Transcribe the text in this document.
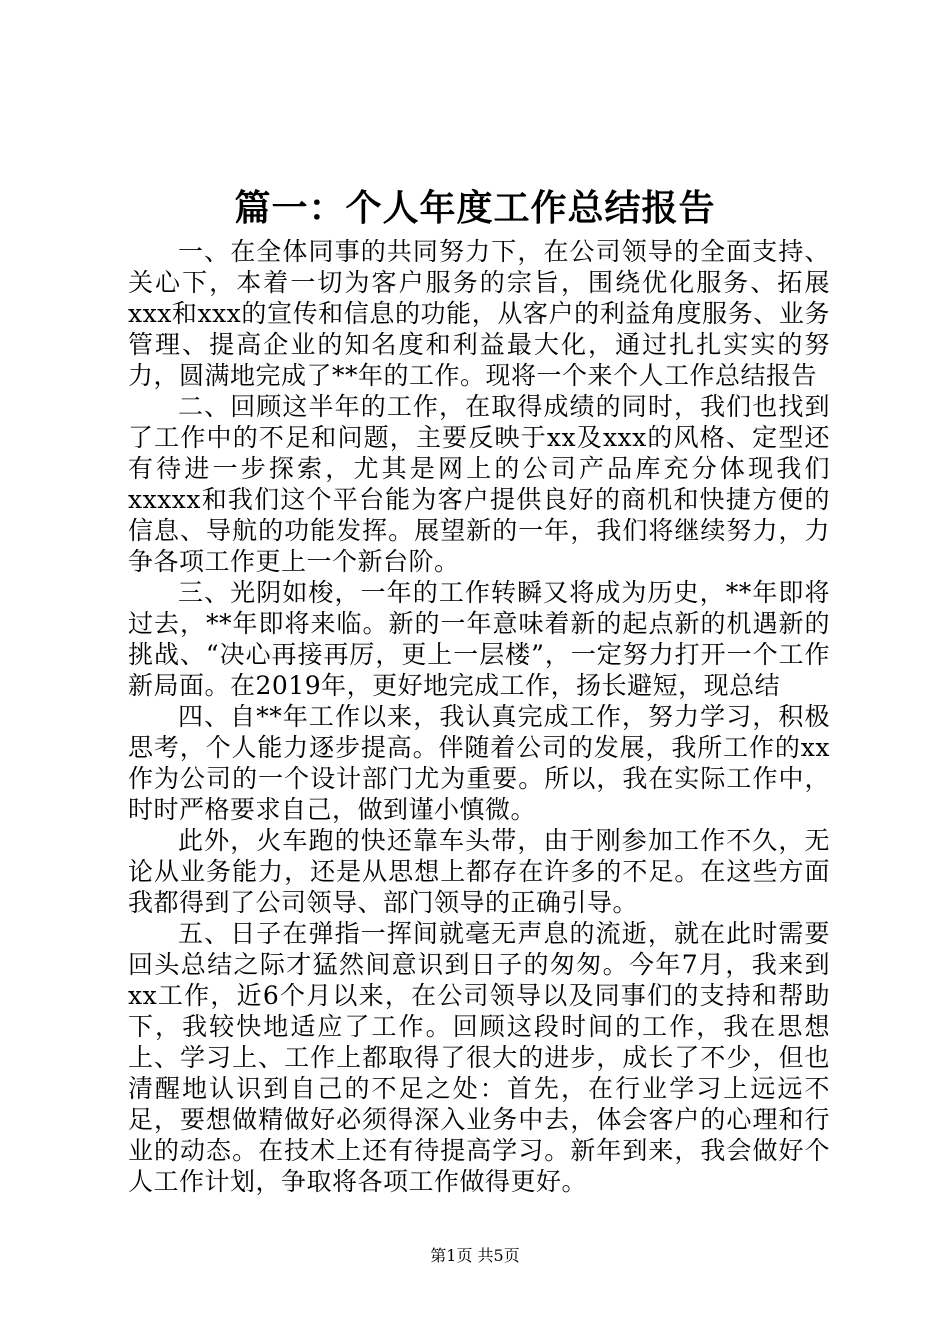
篇一：个人年度工作总结报告

一、在全体同事的共同努力下，在公司领导的全面支持、关心下，本着一切为客户服务的宗旨，围绕优化服务、拓展xxx和xxx的宣传和信息的功能，从客户的利益角度服务、业务管理、提高企业的知名度和利益最大化，通过扎扎实实的努力，圆满地完成了**年的工作。现将一个来个人工作总结报告

二、回顾这半年的工作，在取得成绩的同时，我们也找到了工作中的不足和问题，主要反映于xx及xxx的风格、定型还有待进一步探索，尤其是网上的公司产品库充分体现我们xxxxx和我们这个平台能为客户提供良好的商机和快捷方便的信息、导航的功能发挥。展望新的一年，我们将继续努力，力争各项工作更上一个新台阶。

三、光阴如梭，一年的工作转瞬又将成为历史，**年即将过去，**年即将来临。新的一年意味着新的起点新的机遇新的挑战、“决心再接再厉，更上一层楼”，一定努力打开一个工作新局面。在2019年，更好地完成工作，扬长避短，现总结

四、自**年工作以来，我认真完成工作，努力学习，积极思考，个人能力逐步提高。伴随着公司的发展，我所工作的xx作为公司的一个设计部门尤为重要。所以，我在实际工作中，时时严格要求自己，做到谨小慎微。

此外，火车跑的快还靠车头带，由于刚参加工作不久，无论从业务能力，还是从思想上都存在许多的不足。在这些方面我都得到了公司领导、部门领导的正确引导。

五、日子在弹指一挥间就毫无声息的流逝，就在此时需要回头总结之际才猛然间意识到日子的匆匆。今年7月，我来到xx工作，近6个月以来，在公司领导以及同事们的支持和帮助下，我较快地适应了工作。回顾这段时间的工作，我在思想上、学习上、工作上都取得了很大的进步，成长了不少，但也清醒地认识到自己的不足之处：首先，在行业学习上远远不足，要想做精做好必须得深入业务中去，体会客户的心理和行业的动态。在技术上还有待提高学习。新年到来，我会做好个人工作计划，争取将各项工作做得更好。

第1页 共5页
